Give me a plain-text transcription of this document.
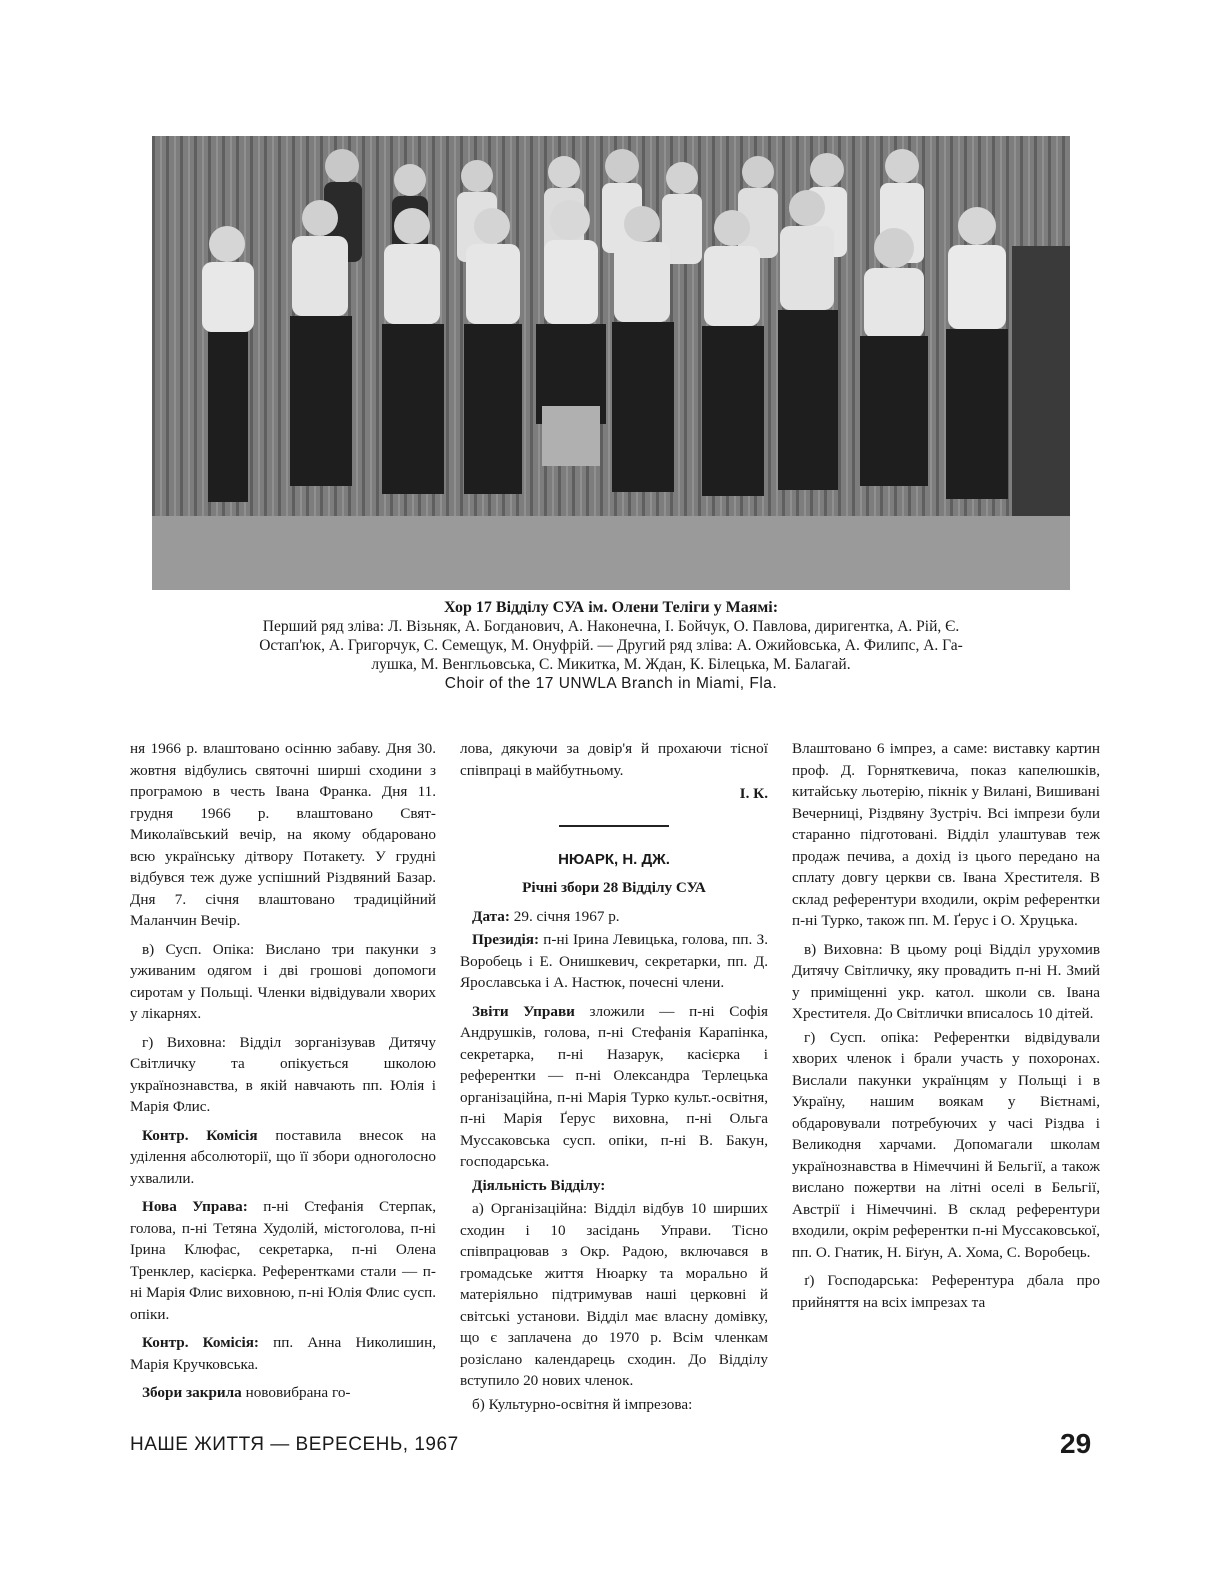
Хор 17 Відділу СУА ім. Олени Теліги у Маямі:
Перший ряд зліва: Л. Візьняк, А. Богданович, А. Наконечна, І. Бойчук, О. Павлова, диригентка, А. Рій, Є.
Остап'юк, А. Григорчук, С. Семещук, М. Онуфрій. — Другий ряд зліва: А. Ожийовська, А. Филипс, А. Га-
лушка, М. Венгльовська, С. Микитка, М. Ждан, К. Білецька, М. Балагай.
Choir of the 17 UNWLA Branch in Miami, Fla.

ня 1966 р. влаштовано осінню забаву. Дня 30. жовтня відбулись святочні ширші сходини з програмою в честь Івана Франка. Дня 11. грудня 1966 р. влаштовано Свят-Миколаївський вечір, на якому обдаровано всю українську дітвору Потакету. У грудні відбувся теж дуже успішний Різдвяний Базар. Дня 7. січня влаштовано традиційний Маланчин Вечір.

в) Сусп. Опіка: Вислано три пакунки з уживаним одягом і дві грошові допомоги сиротам у Польщі. Членки відвідували хворих у лікарнях.

г) Виховна: Відділ зорганізував Дитячу Світличку та опікується школою українознавства, в якій навчають пп. Юлія і Марія Флис.

Контр. Комісія поставила внесок на уділення абсолюторії, що її збори одноголосно ухвалили.

Нова Управа: п-ні Стефанія Стерпак, голова, п-ні Тетяна Худолій, містоголова, п-ні Ірина Клюфас, секретарка, п-ні Олена Тренклер, касієрка. Референтками стали — п-ні Марія Флис виховною, п-ні Юлія Флис сусп. опіки.

Контр. Комісія: пп. Анна Николишин, Марія Кручковська.

Збори закрила нововибрана го-

лова, дякуючи за довір'я й прохаючи тісної співпраці в майбутньому.

І. К.

НЮАРК, Н. ДЖ.

Річні збори 28 Відділу СУА

Дата: 29. січня 1967 р.

Президія: п-ні Ірина Левицька, голова, пп. З. Воробець і Е. Онишкевич, секретарки, пп. Д. Ярославська і А. Настюк, почесні члени.

Звіти Управи зложили — п-ні Софія Андрушків, голова, п-ні Стефанія Карапінка, секретарка, п-ні Назарук, касієрка і референтки — п-ні Олександра Терлецька організаційна, п-ні Марія Турко культ.-освітня, п-ні Марія Ґерус виховна, п-ні Ольга Муссаковська сусп. опіки, п-ні В. Бакун, господарська.

Діяльність Відділу:

а) Організаційна: Відділ відбув 10 ширших сходин і 10 засідань Управи. Тісно співпрацював з Окр. Радою, включався в громадське життя Нюарку та морально й матеріяльно підтримував наші церковні й світські установи. Відділ має власну домівку, що є заплачена до 1970 р. Всім членкам розіслано календарець сходин. До Відділу вступило 20 нових членок.

б) Культурно-освітня й імпрезова:

Влаштовано 6 імпрез, а саме: виставку картин проф. Д. Горняткевича, показ капелюшків, китайську льотерію, пікнік у Вилані, Вишивані Вечерниці, Різдвяну Зустріч. Всі імпрези були старанно підготовані. Відділ улаштував теж продаж печива, а дохід із цього передано на сплату довгу церкви св. Івана Хрестителя. В склад референтури входили, окрім референтки п-ні Турко, також пп. М. Ґерус і О. Хруцька.

в) Виховна: В цьому році Відділ урухомив Дитячу Світличку, яку провадить п-ні Н. Змий у приміщенні укр. катол. школи св. Івана Хрестителя. До Світлички вписалось 10 дітей.

г) Сусп. опіка: Референтки відвідували хворих членок і брали участь у похоронах. Вислали пакунки українцям у Польщі і в Україну, нашим воякам у Вієтнамі, обдаровували потребуючих у часі Різдва і Великодня харчами. Допомагали школам українознавства в Німеччині й Бельгії, а також вислано пожертви на літні оселі в Бельгії, Австрії і Німеччині. В склад референтури входили, окрім референтки п-ні Муссаковської, пп. О. Гнатик, Н. Біґун, А. Хома, С. Воробець.

ґ) Господарська: Референтура дбала про прийняття на всіх імпрезах та

НАШЕ ЖИТТЯ — ВЕРЕСЕНЬ, 1967	29
